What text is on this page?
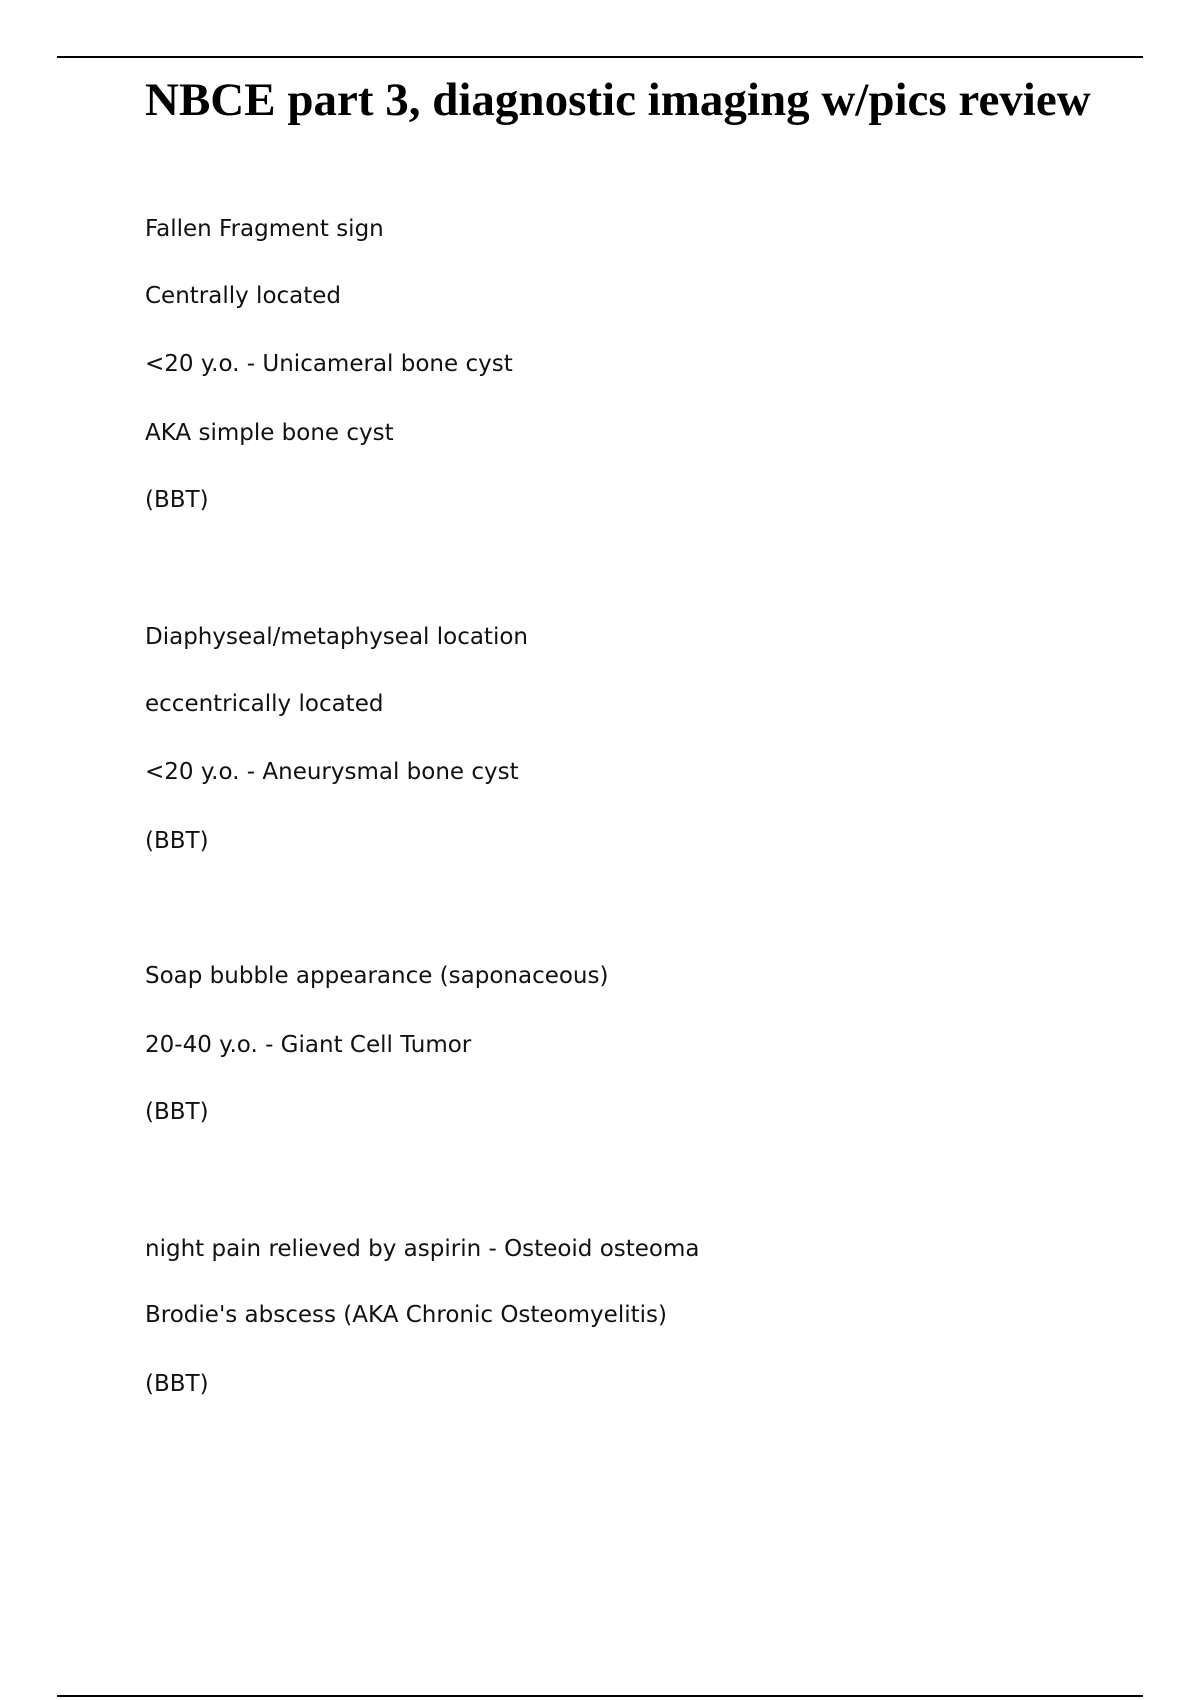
NBCE part 3, diagnostic imaging w/pics review

Fallen Fragment sign

Centrally located

<20 y.o. - Unicameral bone cyst

AKA simple bone cyst

(BBT)

Diaphyseal/metaphyseal location

eccentrically located

<20 y.o. - Aneurysmal bone cyst

(BBT)

Soap bubble appearance (saponaceous)

20-40 y.o. - Giant Cell Tumor

(BBT)

night pain relieved by aspirin - Osteoid osteoma

Brodie's abscess (AKA Chronic Osteomyelitis)

(BBT)
